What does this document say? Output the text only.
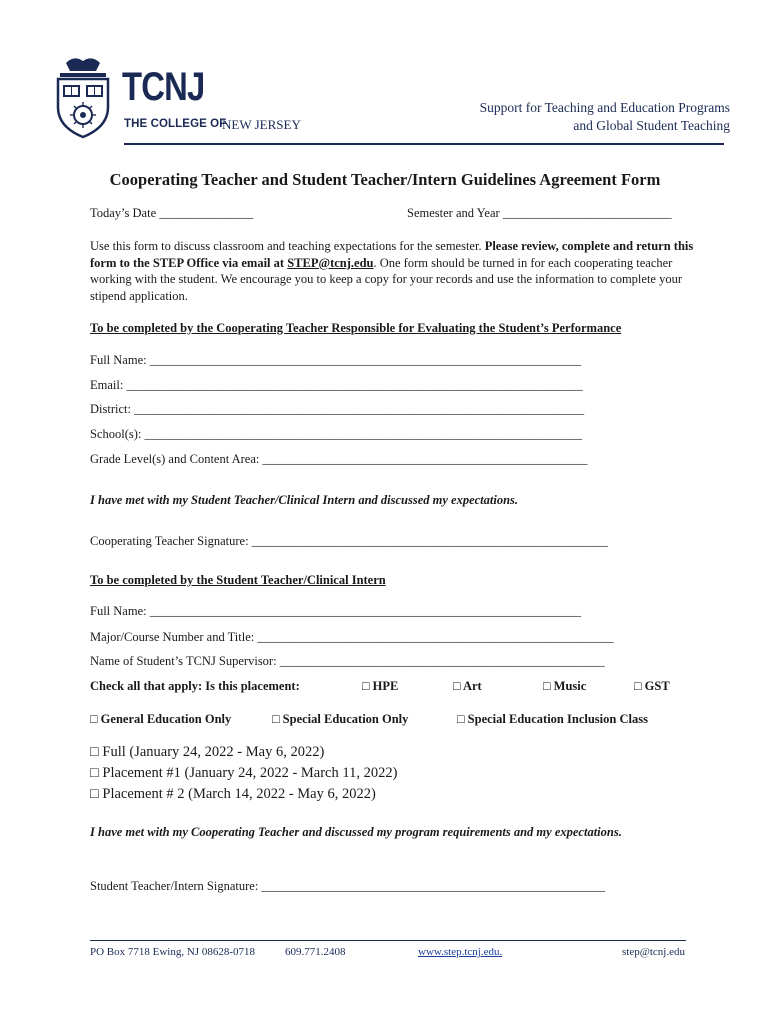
TCNJ
THE COLLEGE OF
NEW JERSEY
Support for Teaching and Education Programs
and Global Student Teaching
Cooperating Teacher and Student Teacher/Intern Guidelines Agreement Form
Today’s Date _______________	Semester and Year ___________________________
Use this form to discuss classroom and teaching expectations for the semester. Please review, complete and return this form to the STEP Office via email at STEP@tcnj.edu. One form should be turned in for each cooperating teacher working with the student. We encourage you to keep a copy for your records and use the information to complete your stipend application.
To be completed by the Cooperating Teacher Responsible for Evaluating the Student’s Performance
Full Name: _____________________________________________________________________
Email: _________________________________________________________________________
District: ________________________________________________________________________
School(s): ______________________________________________________________________
Grade Level(s) and Content Area: ____________________________________________________
I have met with my Student Teacher/Clinical Intern and discussed my expectations.
Cooperating Teacher Signature: _________________________________________________________
To be completed by the Student Teacher/Clinical Intern
Full Name: _____________________________________________________________________
Major/Course Number and Title: _________________________________________________________
Name of Student’s TCNJ Supervisor: ____________________________________________________
Check all that apply: Is this placement:	□ HPE	□ Art	□ Music	□ GST
□ General Education Only	□ Special Education Only	□ Special Education Inclusion Class
□ Full (January 24, 2022 - May 6, 2022)
□ Placement #1 (January 24, 2022 - March 11, 2022)
□ Placement # 2 (March 14, 2022 - May 6, 2022)
I have met with my Cooperating Teacher and discussed my program requirements and my expectations.
Student Teacher/Intern Signature: _______________________________________________________
PO Box 7718 Ewing, NJ 08628-0718	609.771.2408	www.step.tcnj.edu.	step@tcnj.edu
